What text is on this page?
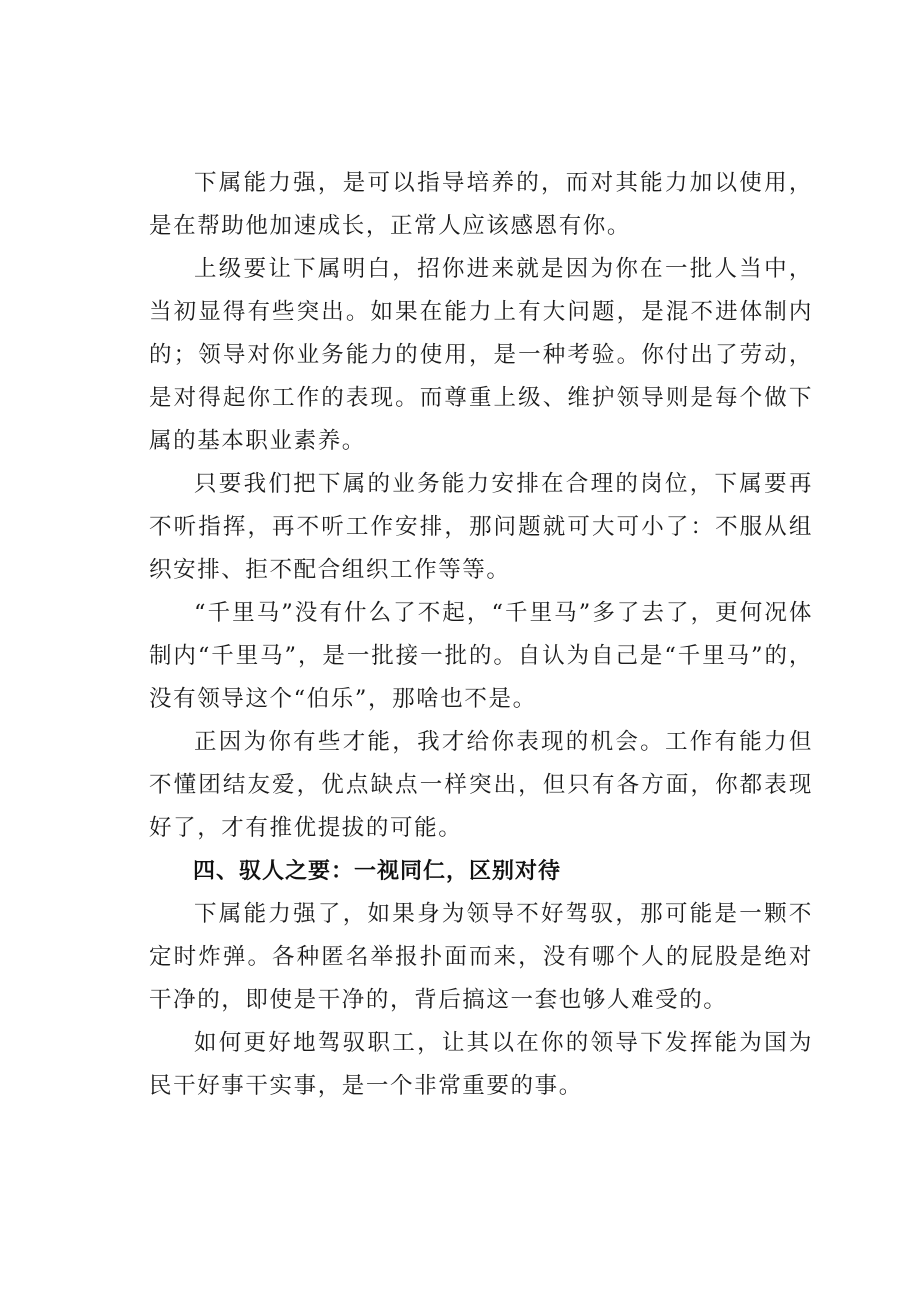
下属能力强，是可以指导培养的，而对其能力加以使用，是在帮助他加速成长，正常人应该感恩有你。

上级要让下属明白，招你进来就是因为你在一批人当中，当初显得有些突出。如果在能力上有大问题，是混不进体制内的；领导对你业务能力的使用，是一种考验。你付出了劳动，是对得起你工作的表现。而尊重上级、维护领导则是每个做下属的基本职业素养。

只要我们把下属的业务能力安排在合理的岗位，下属要再不听指挥，再不听工作安排，那问题就可大可小了：不服从组织安排、拒不配合组织工作等等。

“千里马”没有什么了不起，“千里马”多了去了，更何况体制内“千里马”，是一批接一批的。自认为自己是“千里马”的，没有领导这个“伯乐”，那啥也不是。

正因为你有些才能，我才给你表现的机会。工作有能力但不懂团结友爱，优点缺点一样突出，但只有各方面，你都表现好了，才有推优提拔的可能。

四、驭人之要：一视同仁，区别对待

下属能力强了，如果身为领导不好驾驭，那可能是一颗不定时炸弹。各种匿名举报扑面而来，没有哪个人的屁股是绝对干净的，即使是干净的，背后搞这一套也够人难受的。

如何更好地驾驭职工，让其以在你的领导下发挥能为国为民干好事干实事，是一个非常重要的事。
